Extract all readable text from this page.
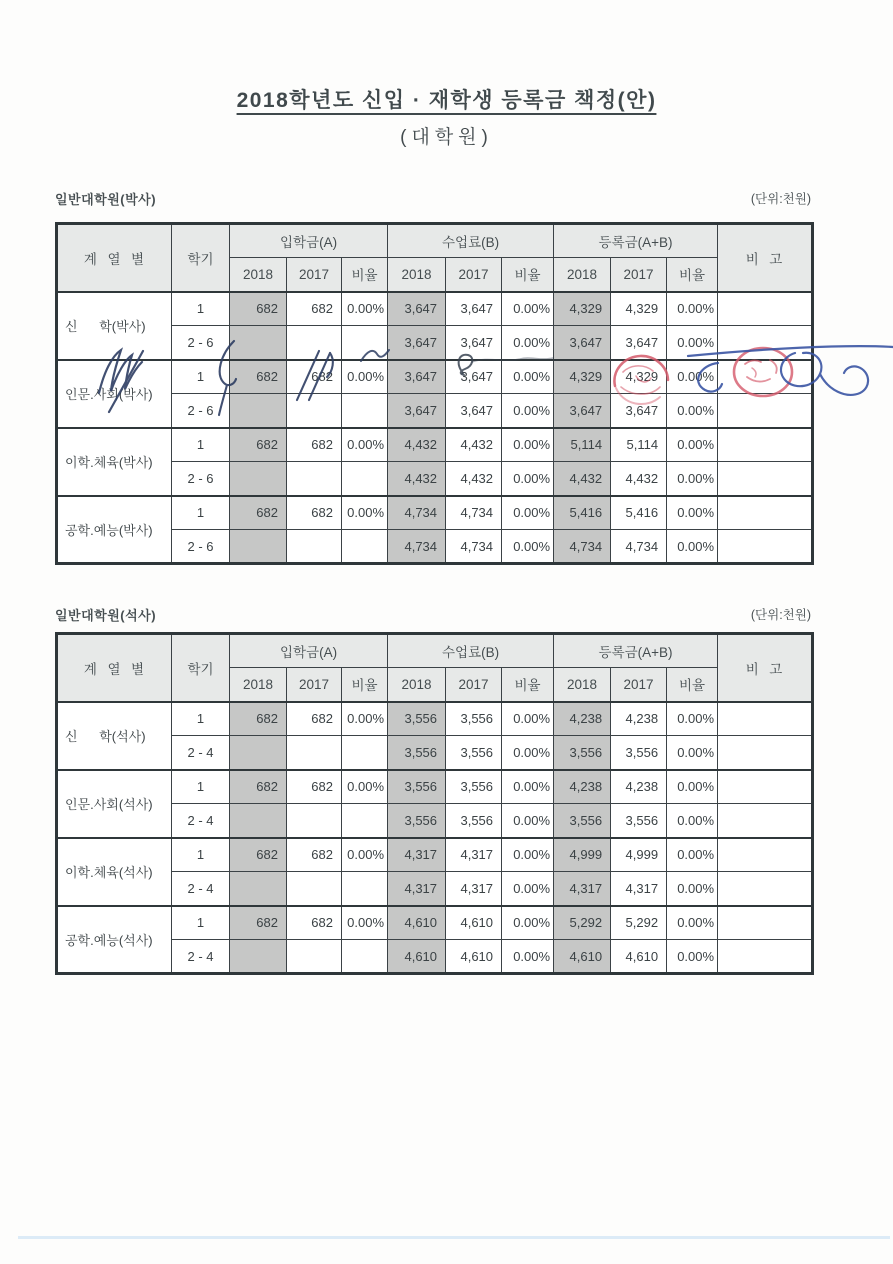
2018학년도 신입 · 재학생 등록금 책정(안)
(대학원)
일반대학원(박사)	(단위:천원)
계  열  별	학기	입학금(A)			수업료(B)			등록금(A+B)			비  고
		2018	2017	비율	2018	2017	비율	2018	2017	비율	
신      학(박사)	1	682	682	0.00%	3,647	3,647	0.00%	4,329	4,329	0.00%	
	2 - 6				3,647	3,647	0.00%	3,647	3,647	0.00%	
인문.사회(박사)	1	682	682	0.00%	3,647	3,647	0.00%	4,329	4,329	0.00%	
	2 - 6				3,647	3,647	0.00%	3,647	3,647	0.00%	
이학.체육(박사)	1	682	682	0.00%	4,432	4,432	0.00%	5,114	5,114	0.00%	
	2 - 6				4,432	4,432	0.00%	4,432	4,432	0.00%	
공학.예능(박사)	1	682	682	0.00%	4,734	4,734	0.00%	5,416	5,416	0.00%	
	2 - 6				4,734	4,734	0.00%	4,734	4,734	0.00%	
일반대학원(석사)	(단위:천원)
계  열  별	학기	입학금(A)			수업료(B)			등록금(A+B)			비  고
		2018	2017	비율	2018	2017	비율	2018	2017	비율	
신      학(석사)	1	682	682	0.00%	3,556	3,556	0.00%	4,238	4,238	0.00%	
	2 - 4				3,556	3,556	0.00%	3,556	3,556	0.00%	
인문.사회(석사)	1	682	682	0.00%	3,556	3,556	0.00%	4,238	4,238	0.00%	
	2 - 4				3,556	3,556	0.00%	3,556	3,556	0.00%	
이학.체육(석사)	1	682	682	0.00%	4,317	4,317	0.00%	4,999	4,999	0.00%	
	2 - 4				4,317	4,317	0.00%	4,317	4,317	0.00%	
공학.예능(석사)	1	682	682	0.00%	4,610	4,610	0.00%	5,292	5,292	0.00%	
	2 - 4				4,610	4,610	0.00%	4,610	4,610	0.00%	
